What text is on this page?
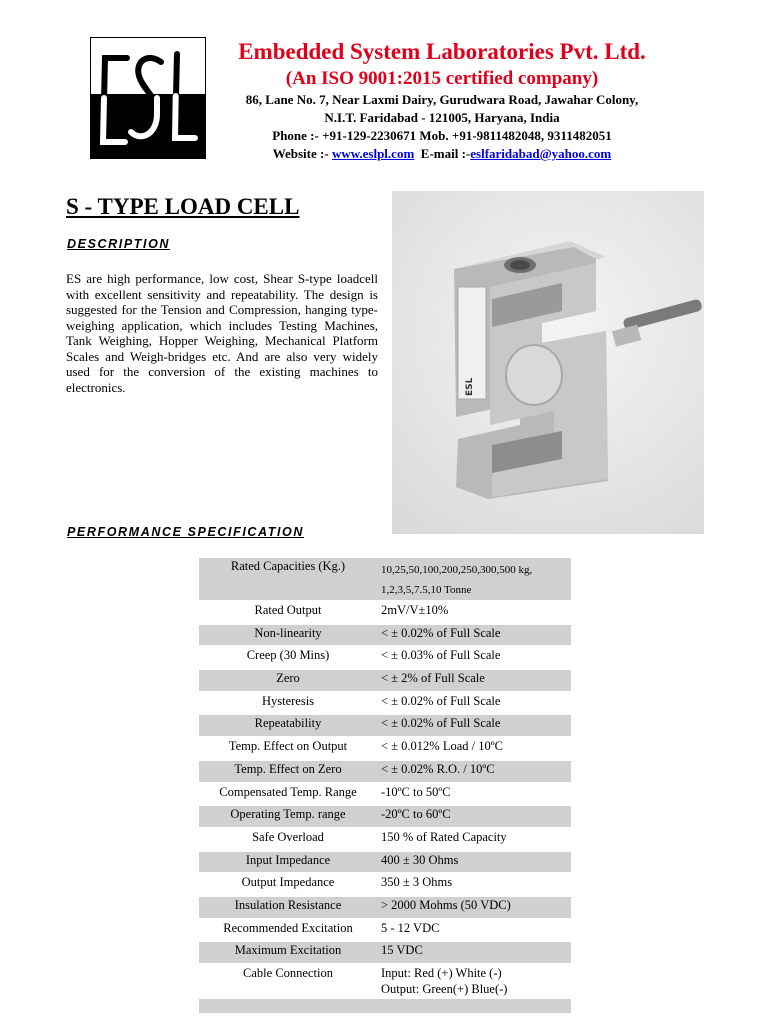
Embedded System Laboratories Pvt. Ltd.
(An ISO 9001:2015 certified company)
86, Lane No. 7, Near Laxmi Dairy, Gurudwara Road, Jawahar Colony,
N.I.T. Faridabad - 121005, Haryana, India
Phone :- +91-129-2230671 Mob. +91-9811482048, 9311482051
Website :- www.eslpl.com E-mail :-eslfaridabad@yahoo.com
S - TYPE LOAD CELL
DESCRIPTION

ES are high performance, low cost, Shear S-type loadcell with excellent sensitivity and repeatability. The design is suggested for the Tension and Compression, hanging type-weighing application, which includes Testing Machines, Tank Weighing, Hopper Weighing, Mechanical Platform Scales and Weigh-bridges etc. And are also very widely used for the conversion of the existing machines to electronics.	ESL
PERFORMANCE SPECIFICATION
Rated Capacities (Kg.)	10,25,50,100,200,250,300,500 kg,
1,2,3,5,7.5,10 Tonne

Rated Output	2mV/V±10%

Non-linearity	< ± 0.02% of Full Scale

Creep (30 Mins)	< ± 0.03% of Full Scale

Zero	< ± 2% of Full Scale

Hysteresis	< ± 0.02% of Full Scale

Repeatability	< ± 0.02% of Full Scale

Temp. Effect on Output	< ± 0.012% Load / 10ºC

Temp. Effect on Zero	< ± 0.02% R.O. / 10ºC

Compensated Temp. Range	-10ºC to 50ºC

Operating Temp. range	-20ºC to 60ºC

Safe Overload	150 % of Rated Capacity

Input Impedance	400 ± 30 Ohms

Output Impedance	350 ± 3 Ohms

Insulation Resistance	> 2000 Mohms (50 VDC)

Recommended Excitation	5 - 12 VDC

Maximum Excitation	15 VDC

Cable Connection	Input: Red (+) White (-)
Output: Green(+) Blue(-)
